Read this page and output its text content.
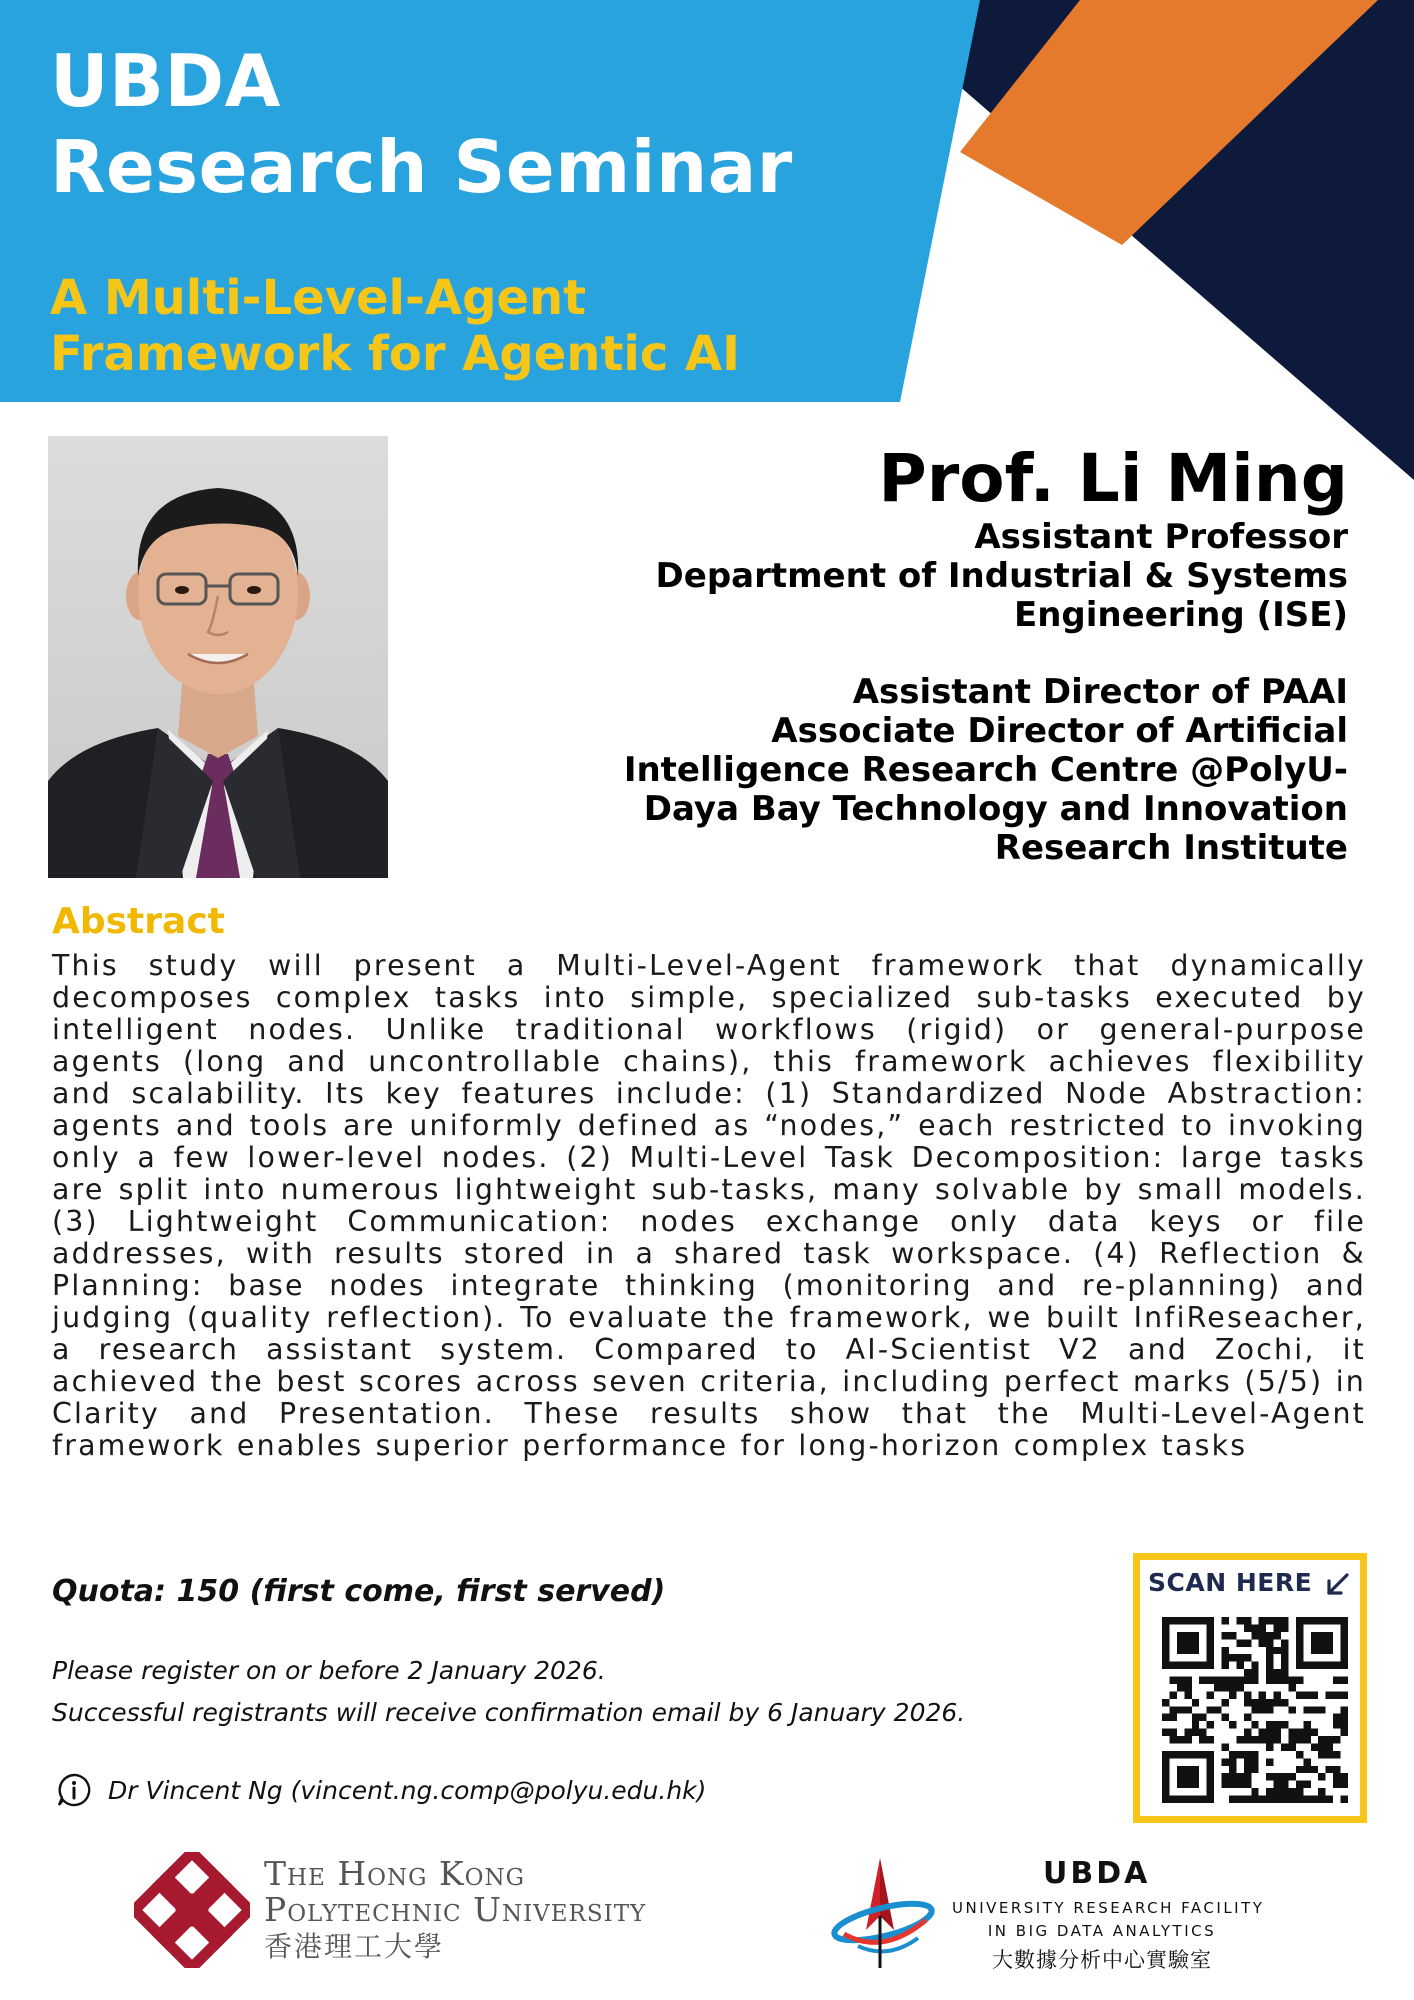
UBDA
Research Seminar
A Multi-Level-Agent
Framework for Agentic AI

Prof. Li Ming

Assistant Professor

Department of Industrial & Systems

Engineering (ISE)

Assistant Director of PAAI

Associate Director of Artificial

Intelligence Research Centre @PolyU-

Daya Bay Technology and Innovation

Research Institute

Abstract

This study will present a Multi-Level-Agent framework that dynamically decomposes complex tasks into simple, specialized sub-tasks executed by intelligent nodes. Unlike traditional workflows (rigid) or general-purpose agents (long and uncontrollable chains), this framework achieves flexibility and scalability. Its key features include: (1) Standardized Node Abstraction: agents and tools are uniformly defined as “nodes,” each restricted to invoking only a few lower-level nodes. (2) Multi-Level Task Decomposition: large tasks are split into numerous lightweight sub-tasks, many solvable by small models. (3) Lightweight Communication: nodes exchange only data keys or file addresses, with results stored in a shared task workspace. (4) Reflection & Planning: base nodes integrate thinking (monitoring and re-planning) and judging (quality reflection). To evaluate the framework, we built InfiReseacher, a research assistant system. Compared to AI-Scientist V2 and Zochi, it achieved the best scores across seven criteria, including perfect marks (5/5) in Clarity and Presentation. These results show that the Multi-Level-Agent framework enables superior performance for long-horizon complex tasks

Quota: 150 (first come, first served)

Please register on or before 2 January 2026.

Successful registrants will receive confirmation email by 6 January 2026.

Dr Vincent Ng (vincent.ng.comp@polyu.edu.hk)
SCAN HERE

The Hong Kong

Polytechnic University

香港理工大學

UBDA

UNIVERSITY RESEARCH FACILITY

IN BIG DATA ANALYTICS

大數據分析中心實驗室
